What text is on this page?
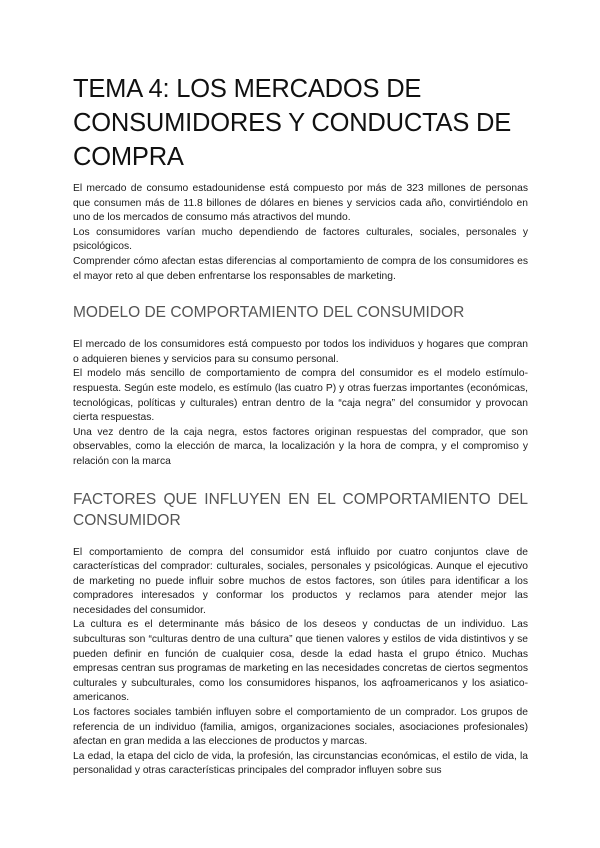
TEMA 4: LOS MERCADOS DE CONSUMIDORES Y CONDUCTAS DE COMPRA

El mercado de consumo estadounidense está compuesto por más de 323 millones de personas que consumen más de 11.8 billones de dólares en bienes y servicios cada año, convirtiéndolo en uno de los mercados de consumo más atractivos del mundo.

Los consumidores varían mucho dependiendo de factores culturales, sociales, personales y psicológicos.

Comprender cómo afectan estas diferencias al comportamiento de compra de los consumidores es el mayor reto al que deben enfrentarse los responsables de marketing.

MODELO DE COMPORTAMIENTO DEL CONSUMIDOR

El mercado de los consumidores está compuesto por todos los individuos y hogares que compran o adquieren bienes y servicios para su consumo personal.

El modelo más sencillo de comportamiento de compra del consumidor es el modelo estímulo-respuesta. Según este modelo, es estímulo (las cuatro P) y otras fuerzas importantes (económicas, tecnológicas, políticas y culturales) entran dentro de la “caja negra” del consumidor y provocan cierta respuestas.

Una vez dentro de la caja negra, estos factores originan respuestas del comprador, que son observables, como la elección de marca, la localización y la hora de compra, y el compromiso y relación con la marca

FACTORES QUE INFLUYEN EN EL COMPORTAMIENTO DEL CONSUMIDOR

El comportamiento de compra del consumidor está influido por cuatro conjuntos clave de características del comprador: culturales, sociales, personales y psicológicas. Aunque el ejecutivo de marketing no puede influir sobre muchos de estos factores, son útiles para identificar a los compradores interesados y conformar los productos y reclamos para atender mejor las necesidades del consumidor.

La cultura es el determinante más básico de los deseos y conductas de un individuo. Las subculturas son “culturas dentro de una cultura” que tienen valores y estilos de vida distintivos y se pueden definir en función de cualquier cosa, desde la edad hasta el grupo étnico. Muchas empresas centran sus programas de marketing en las necesidades concretas de ciertos segmentos culturales y subculturales, como los consumidores hispanos, los aqfroamericanos y los asiatico-americanos.

Los factores sociales también influyen sobre el comportamiento de un comprador. Los grupos de referencia de un individuo (familia, amigos, organizaciones sociales, asociaciones profesionales) afectan en gran medida a las elecciones de productos y marcas.

La edad, la etapa del ciclo de vida, la profesión, las circunstancias económicas, el estilo de vida, la personalidad y otras características principales del comprador influyen sobre sus
